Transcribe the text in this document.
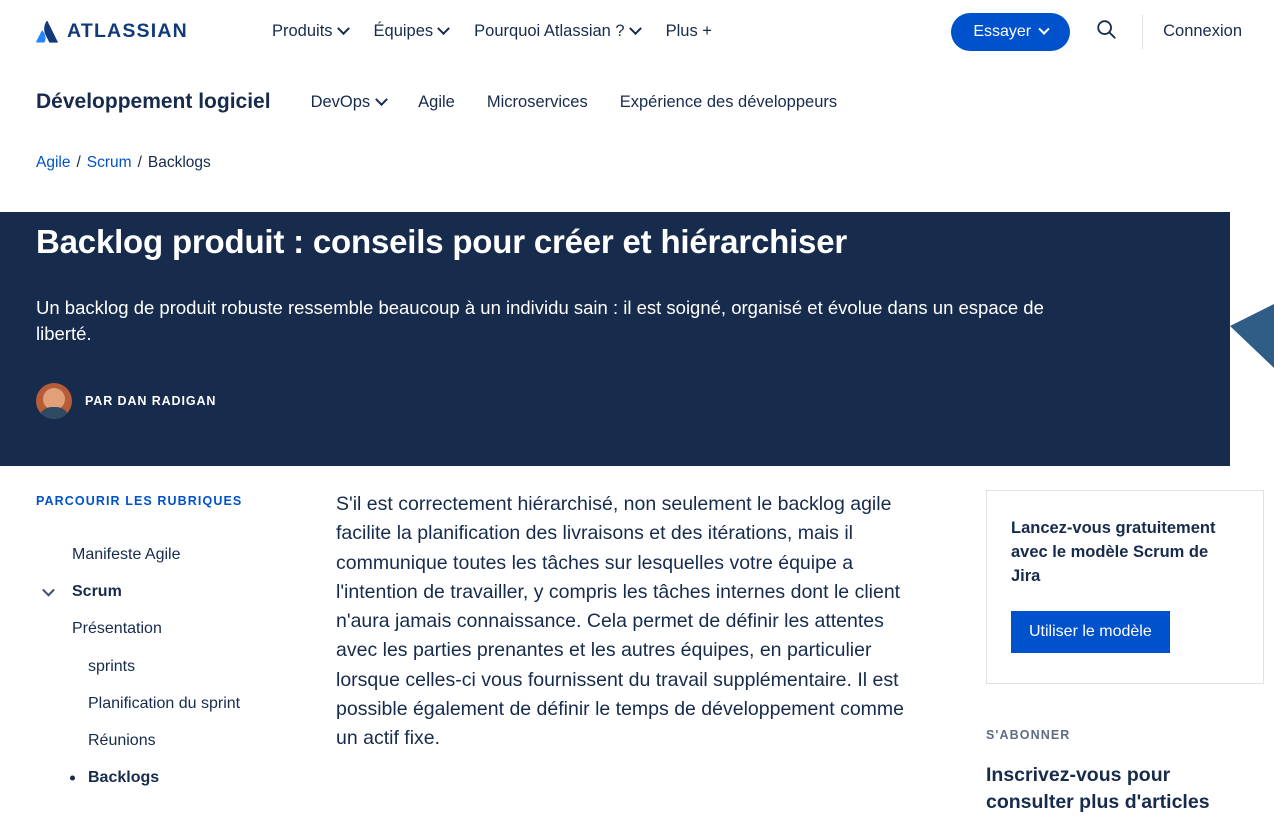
ATLASSIAN	Produits Équipes Pourquoi Atlassian ? Plus +	Essayer	Connexion
Développement logiciel DevOps	Agile Microservices Expérience des développeurs
Agile / Scrum / Backlogs
Backlog produit : conseils pour créer et hiérarchiser
Un backlog de produit robuste ressemble beaucoup à un individu sain : il est soigné, organisé et évolue dans un espace de liberté.
PAR DAN RADIGAN
PARCOURIR LES RUBRIQUES
Manifeste Agile
Scrum
Présentation
sprints
Planification du sprint
Réunions
Backlogs

S'il est correctement hiérarchisé, non seulement le backlog agile facilite la planification des livraisons et des itérations, mais il communique toutes les tâches sur lesquelles votre équipe a l'intention de travailler, y compris les tâches internes dont le client n'aura jamais connaissance. Cela permet de définir les attentes avec les parties prenantes et les autres équipes, en particulier lorsque celles-ci vous fournissent du travail supplémentaire. Il est possible également de définir le temps de développement comme un actif fixe.

Lancez-vous gratuitement avec le modèle Scrum de Jira
Utiliser le modèle
S'ABONNER
Inscrivez-vous pour consulter plus d'articles
